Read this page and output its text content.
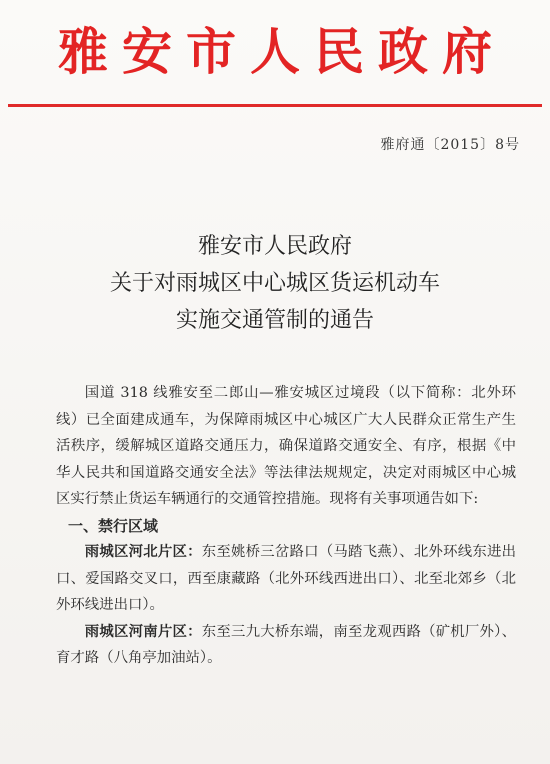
雅安市人民政府
雅府通〔2015〕8号
雅安市人民政府
关于对雨城区中心城区货运机动车
实施交通管制的通告

国道 318 线雅安至二郎山—雅安城区过境段（以下简称：北外环线）已全面建成通车，为保障雨城区中心城区广大人民群众正常生产生活秩序，缓解城区道路交通压力，确保道路交通安全、有序，根据《中华人民共和国道路交通安全法》等法律法规规定，决定对雨城区中心城区实行禁止货运车辆通行的交通管控措施。现将有关事项通告如下:

一、禁行区域

雨城区河北片区：东至姚桥三岔路口（马踏飞燕）、北外环线东进出口、爱国路交叉口，西至康藏路（北外环线西进出口）、北至北郊乡（北外环线进出口）。

雨城区河南片区：东至三九大桥东端，南至龙观西路（矿机厂外）、育才路（八角亭加油站）。
